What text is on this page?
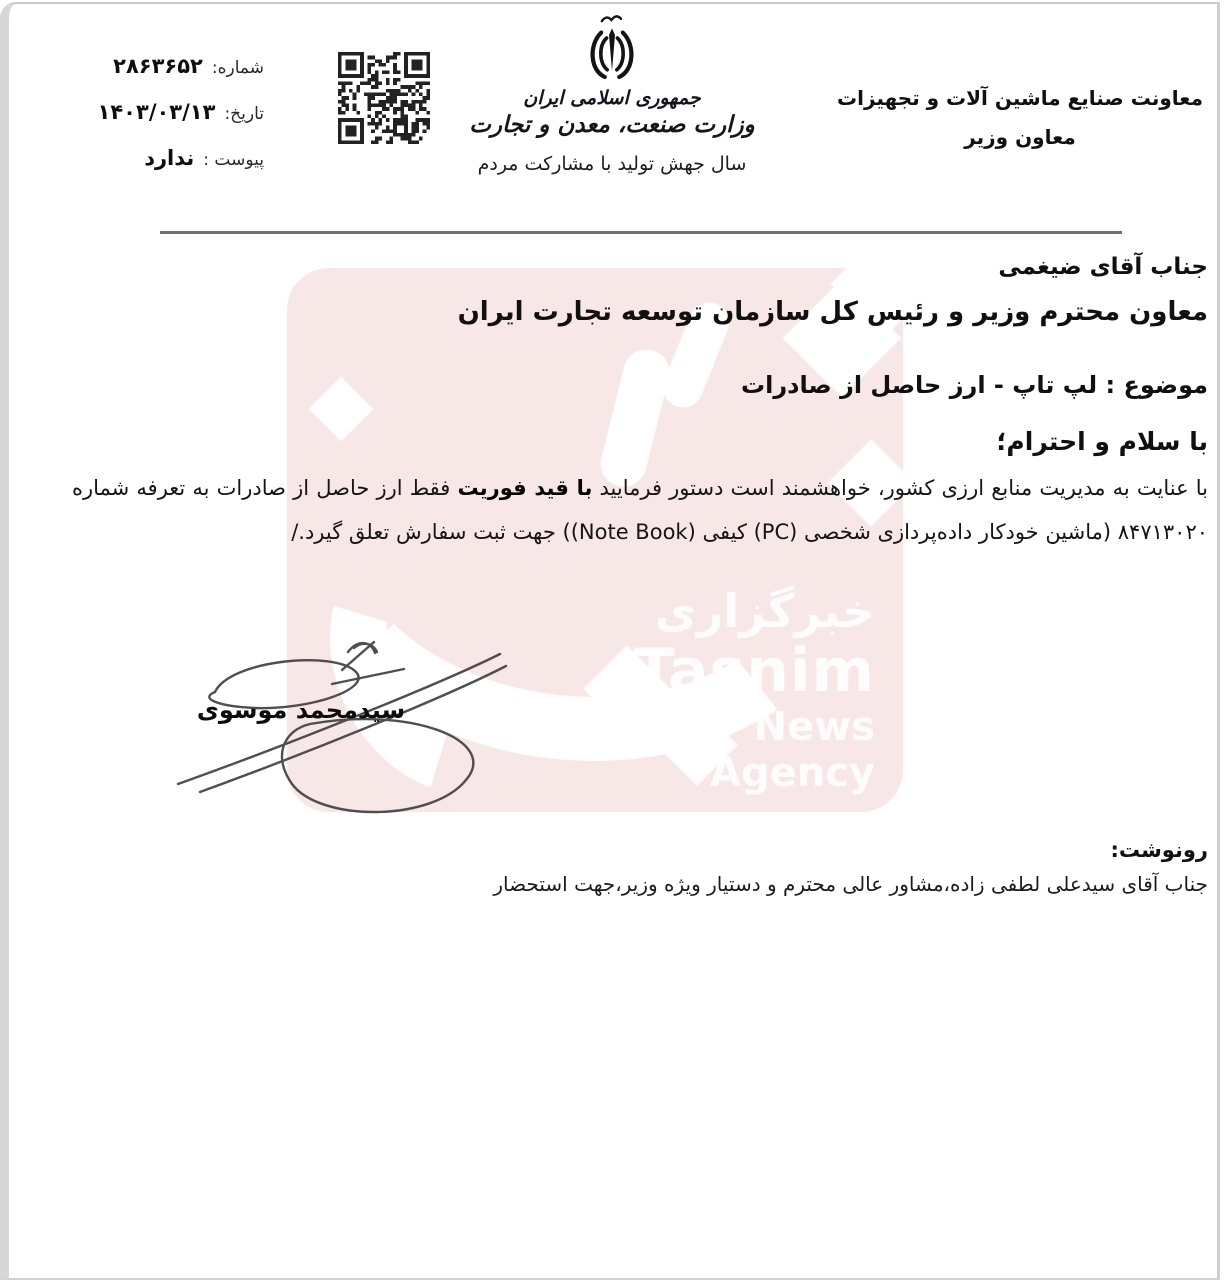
خبرگزاری
Tasnim
News Agency
شماره:
۲۸۶۳۶۵۲
تاریخ:
۱۴۰۳/۰۳/۱۳
پیوست :
ندارد
جمهوری اسلامی ایران
وزارت صنعت، معدن و تجارت
سال جهش تولید با مشارکت مردم
معاونت صنایع ماشین آلات و تجهیزات
معاون وزیر
جناب آقای ضیغمی
معاون محترم وزیر و رئیس کل سازمان توسعه تجارت ایران
موضوع : لپ تاپ - ارز حاصل از صادرات
با سلام و احترام؛
با عنایت به مدیریت منابع ارزی کشور، خواهشمند است دستور فرمایید با قید فوریت فقط ارز حاصل از صادرات به تعرفه شماره ۸۴۷۱۳۰۲۰ (ماشین خودکار داده‌پردازی شخصی (PC) کیفی (Note Book)) جهت ثبت سفارش تعلق گیرد./
سیدمحمد موسوی
رونوشت:
جناب آقای سیدعلی لطفی زاده،مشاور عالی محترم و دستیار ویژه وزیر،جهت استحضار
